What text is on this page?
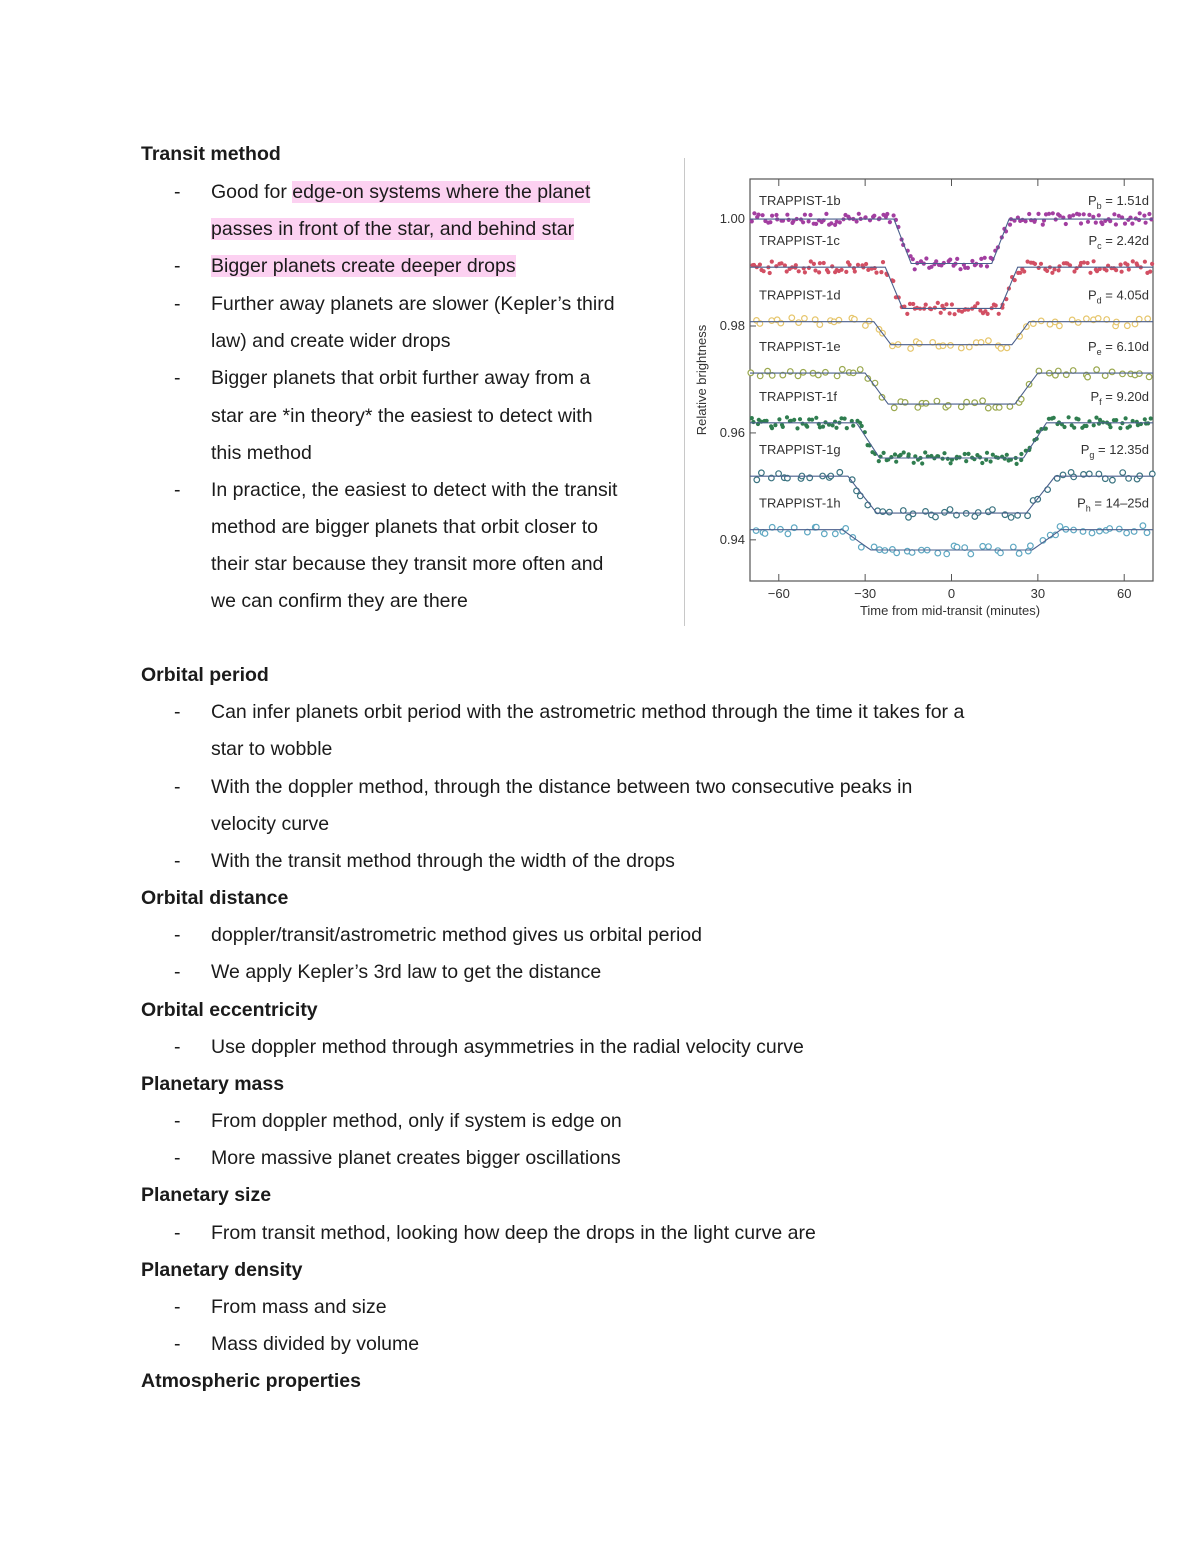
Transit method
- Good for edge-on systems where the planet
passes in front of the star, and behind star
- Bigger planets create deeper drops
- Further away planets are slower (Kepler’s third
law) and create wider drops
- Bigger planets that orbit further away from a
star are *in theory* the easiest to detect with
this method
- In practice, the easiest to detect with the transit
method are bigger planets that orbit closer to
their star because they transit more often and
we can confirm they are there	−60	−30	0	30	60
1.00
0.98
0.96
0.94
TRAPPIST-1b	$P_b = 1.51d$
TRAPPIST-1c	$P_c = 2.42d$
TRAPPIST-1d	$P_d = 4.05d$
TRAPPIST-1e	$P_e = 6.10d$
TRAPPIST-1f	$P_f = 9.20d$
TRAPPIST-1g	$P_g = 12.35d$
TRAPPIST-1h	$P_h = 14-25d$
Time from mid-transit (minutes)
Relative brightness
Orbital period
- Can infer planets orbit period with the astrometric method through the time it takes for a
star to wobble
- With the doppler method, through the distance between two consecutive peaks in
velocity curve
- With the transit method through the width of the drops
Orbital distance
- doppler/transit/astrometric method gives us orbital period
- We apply Kepler’s 3rd law to get the distance
Orbital eccentricity
- Use doppler method through asymmetries in the radial velocity curve
Planetary mass
- From doppler method, only if system is edge on
- More massive planet creates bigger oscillations
Planetary size
- From transit method, looking how deep the drops in the light curve are
Planetary density
- From mass and size
- Mass divided by volume
Atmospheric properties
